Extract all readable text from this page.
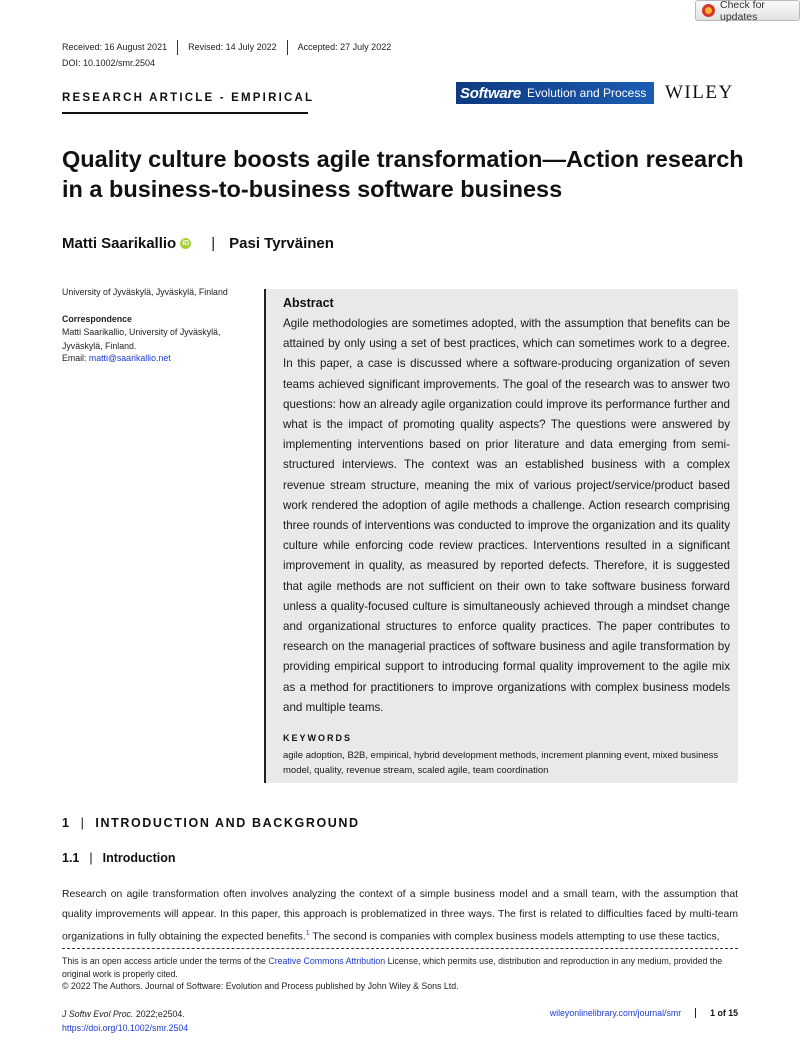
Check for updates
Received: 16 August 2021	Revised: 14 July 2022	Accepted: 27 July 2022
DOI: 10.1002/smr.2504
RESEARCH ARTICLE - EMPIRICAL	Software Evolution and Process WILEY
Quality culture boosts agile transformation—Action research in a business-to-business software business
Matti Saarikallio iD | Pasi Tyrväinen
University of Jyväskylä, Jyväskylä, Finland
Correspondence
Matti Saarikallio, University of Jyväskylä, Jyväskylä, Finland.
Email: matti@saarikallio.net
Abstract

Agile methodologies are sometimes adopted, with the assumption that benefits can be attained by only using a set of best practices, which can sometimes work to a degree. In this paper, a case is discussed where a software-producing organization of seven teams achieved significant improvements. The goal of the research was to answer two questions: how an already agile organization could improve its performance further and what is the impact of promoting quality aspects? The questions were answered by implementing interventions based on prior literature and data emerging from semi-structured interviews. The context was an established business with a complex revenue stream structure, meaning the mix of various project/service/product based work rendered the adoption of agile methods a challenge. Action research comprising three rounds of interventions was conducted to improve the organization and its quality culture while enforcing code review practices. Interventions resulted in a significant improvement in quality, as measured by reported defects. Therefore, it is suggested that agile methods are not sufficient on their own to take software business forward unless a quality-focused culture is simultaneously achieved through a mindset change and organizational structures to enforce quality practices. The paper contributes to research on the managerial practices of software business and agile transformation by providing empirical support to introducing formal quality improvement to the agile mix as a method for practitioners to improve organizations with complex business models and multiple teams.

KEYWORDS
agile adoption, B2B, empirical, hybrid development methods, increment planning event, mixed business model, quality, revenue stream, scaled agile, team coordination
1 | INTRODUCTION AND BACKGROUND
1.1 | Introduction

Research on agile transformation often involves analyzing the context of a simple business model and a small team, with the assumption that quality improvements will appear. In this paper, this approach is problematized in three ways. The first is related to difficulties faced by multi-team organizations in fully obtaining the expected benefits.$^1$ The second is companies with complex business models attempting to use these tactics,

This is an open access article under the terms of the Creative Commons Attribution License, which permits use, distribution and reproduction in any medium, provided the original work is properly cited.
© 2022 The Authors. Journal of Software: Evolution and Process published by John Wiley & Sons Ltd.
J Softw Evol Proc. 2022;e2504.
https://doi.org/10.1002/smr.2504
wileyonlinelibrary.com/journal/smr	1 of 15
